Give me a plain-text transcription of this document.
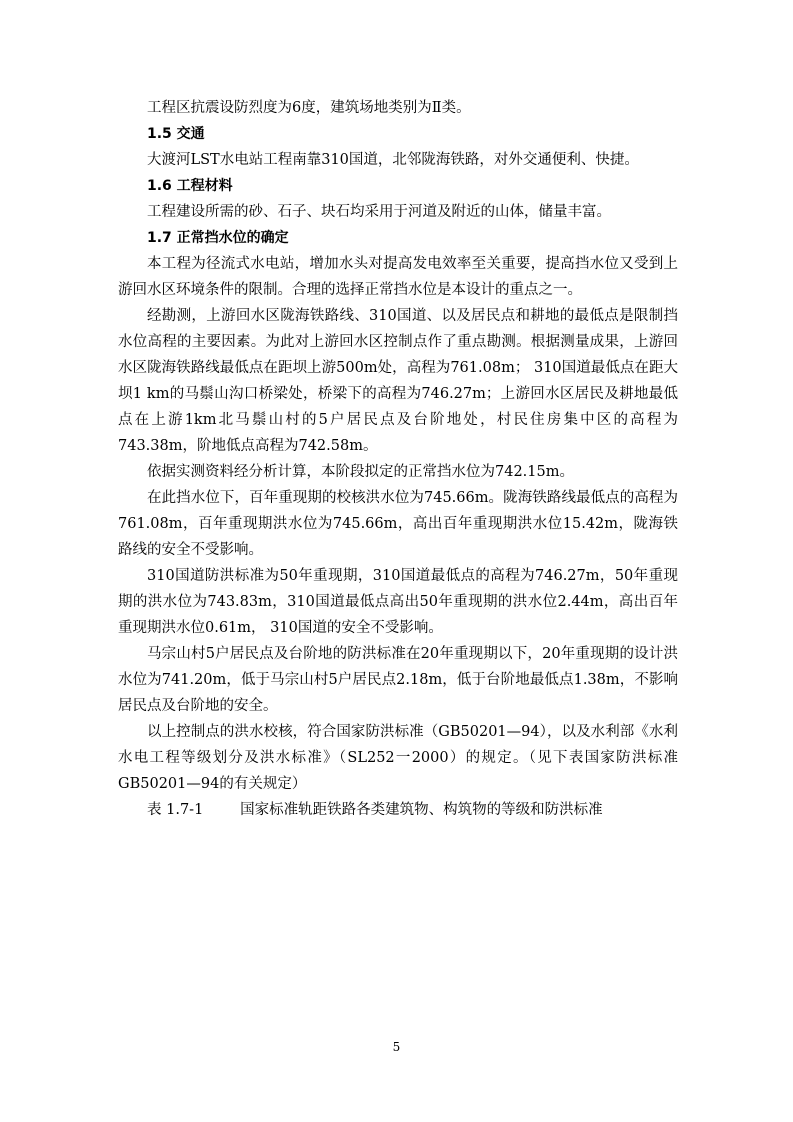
工程区抗震设防烈度为6度，建筑场地类别为Ⅱ类。

1.5 交通

大渡河LST水电站工程南靠310国道，北邻陇海铁路，对外交通便利、快捷。

1.6 工程材料

工程建设所需的砂、石子、块石均采用于河道及附近的山体，储量丰富。

1.7 正常挡水位的确定

本工程为径流式水电站，增加水头对提高发电效率至关重要，提高挡水位又受到上游回水区环境条件的限制。合理的选择正常挡水位是本设计的重点之一。

经勘测，上游回水区陇海铁路线、310国道、以及居民点和耕地的最低点是限制挡水位高程的主要因素。为此对上游回水区控制点作了重点勘测。根据测量成果，上游回水区陇海铁路线最低点在距坝上游500m处，高程为761.08m； 310国道最低点在距大坝1 km的马鬃山沟口桥梁处，桥梁下的高程为746.27m；上游回水区居民及耕地最低点在上游1km北马鬃山村的5户居民点及台阶地处，村民住房集中区的高程为743.38m，阶地低点高程为742.58m。

依据实测资料经分析计算，本阶段拟定的正常挡水位为742.15m。

在此挡水位下，百年重现期的校核洪水位为745.66m。陇海铁路线最低点的高程为761.08m，百年重现期洪水位为745.66m，高出百年重现期洪水位15.42m，陇海铁路线的安全不受影响。

310国道防洪标准为50年重现期，310国道最低点的高程为746.27m，50年重现期的洪水位为743.83m，310国道最低点高出50年重现期的洪水位2.44m，高出百年重现期洪水位0.61m， 310国道的安全不受影响。

马宗山村5户居民点及台阶地的防洪标准在20年重现期以下，20年重现期的设计洪水位为741.20m，低于马宗山村5户居民点2.18m，低于台阶地最低点1.38m，不影响居民点及台阶地的安全。

以上控制点的洪水校核，符合国家防洪标准（GB50201—94），以及水利部《水利水电工程等级划分及洪水标准》（SL252一2000）的规定。（见下表国家防洪标准GB50201—94的有关规定）

表 1.7-1        国家标准轨距铁路各类建筑物、构筑物的等级和防洪标准

5
